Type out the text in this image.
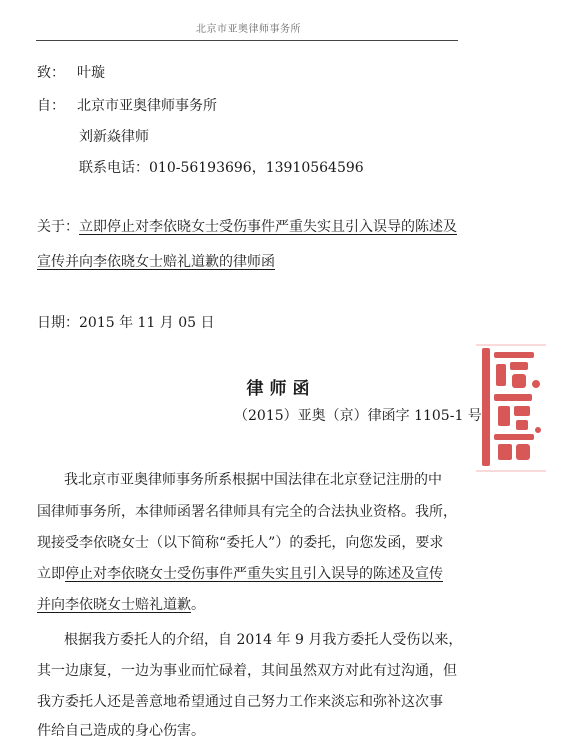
北京市亚奥律师事务所
致： 叶璇
自： 北京市亚奥律师事务所
刘新焱律师
联系电话：010-56193696，13910564596
关于：立即停止对李依晓女士受伤事件严重失实且引入误导的陈述及
宣传并向李依晓女士赔礼道歉的律师函
日期：2015 年 11 月 05 日
律师函
（2015）亚奥（京）律函字 1105-1 号
我北京市亚奥律师事务所系根据中国法律在北京登记注册的中
国律师事务所，本律师函署名律师具有完全的合法执业资格。我所，
现接受李依晓女士（以下简称“委托人”）的委托，向您发函，要求
立即停止对李依晓女士受伤事件严重失实且引入误导的陈述及宣传
并向李依晓女士赔礼道歉。
根据我方委托人的介绍，自 2014 年 9 月我方委托人受伤以来，
其一边康复，一边为事业而忙碌着，其间虽然双方对此有过沟通，但
我方委托人还是善意地希望通过自己努力工作来淡忘和弥补这次事
件给自己造成的身心伤害。
